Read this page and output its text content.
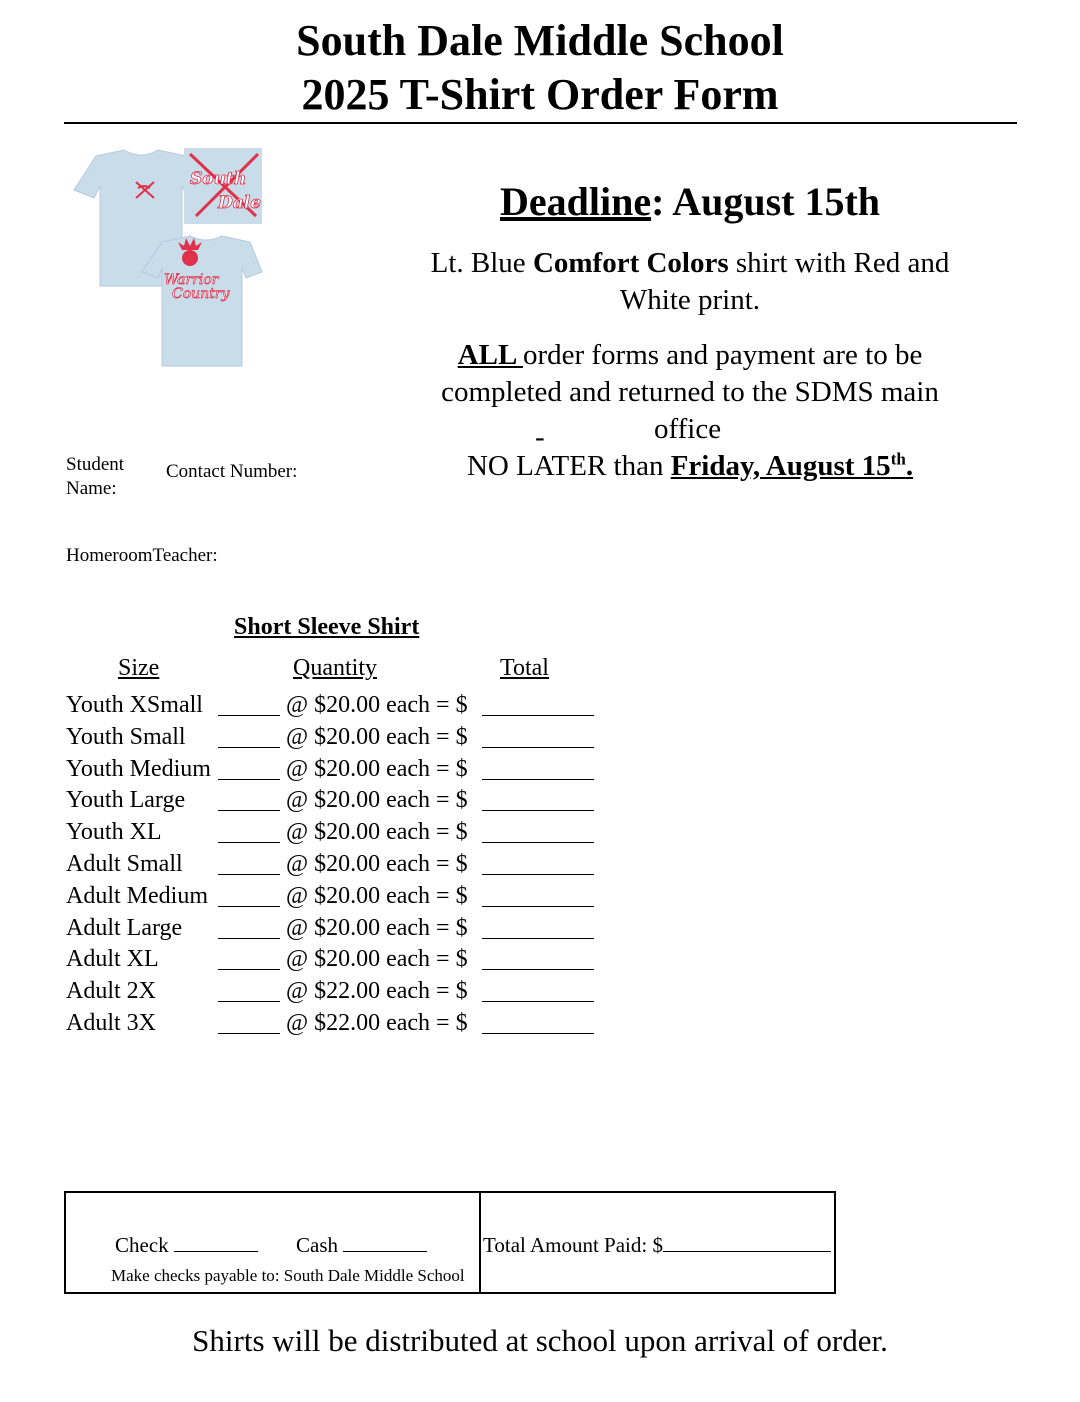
South Dale Middle School
2025 T-Shirt Order Form
South
Dale
Warrior
Country
Deadline: August 15th
Lt. Blue Comfort Colors shirt with Red and White print.
ALL order forms and payment are to be completed and returned to the SDMS main
-	office
NO LATER than Friday, August 15th.
Student
Name:
Contact Number:
HomeroomTeacher:
Short Sleeve Shirt
Size	Quantity	Total
Youth XSmall	@ $20.00 each = $
Youth Small	@ $20.00 each = $
Youth Medium	@ $20.00 each = $
Youth Large	@ $20.00 each = $
Youth XL	@ $20.00 each = $
Adult Small	@ $20.00 each = $
Adult Medium	@ $20.00 each = $
Adult Large	@ $20.00 each = $
Adult XL	@ $20.00 each = $
Adult 2X	@ $22.00 each = $
Adult 3X	@ $22.00 each = $
Check	Cash
Make checks payable to: South Dale Middle School
Total Amount Paid: $
Shirts will be distributed at school upon arrival of order.
